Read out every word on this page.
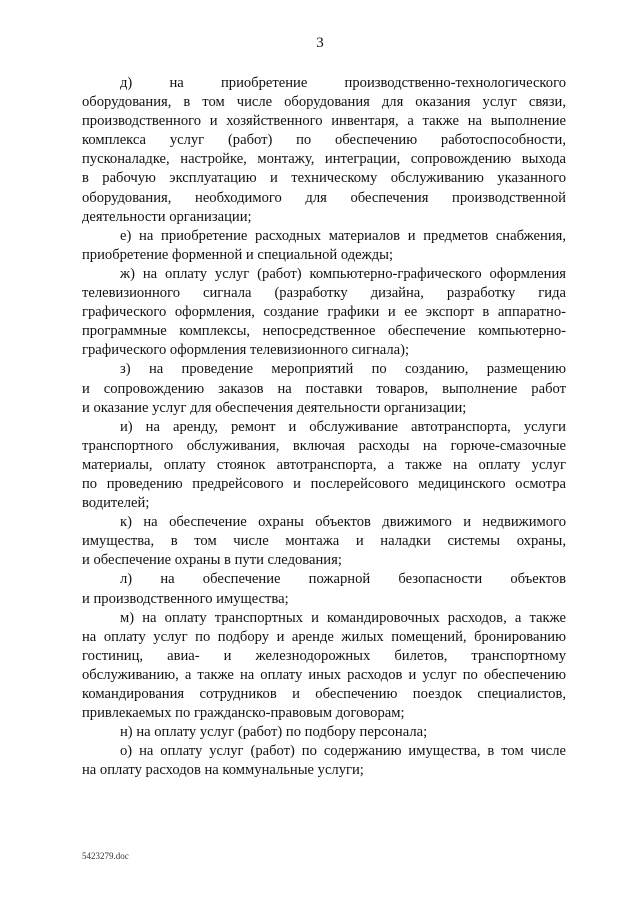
3
д) на приобретение производственно-технологического
оборудования, в том числе оборудования для оказания услуг связи,
производственного и хозяйственного инвентаря, а также на выполнение
комплекса услуг (работ) по обеспечению работоспособности,
пусконаладке, настройке, монтажу, интеграции, сопровождению выхода
в рабочую эксплуатацию и техническому обслуживанию указанного
оборудования, необходимого для обеспечения производственной
деятельности организации;
е) на приобретение расходных материалов и предметов снабжения,
приобретение форменной и специальной одежды;
ж) на оплату услуг (работ) компьютерно-графического оформления
телевизионного сигнала (разработку дизайна, разработку гида
графического оформления, создание графики и ее экспорт в аппаратно-
программные комплексы, непосредственное обеспечение компьютерно-
графического оформления телевизионного сигнала);
з) на проведение мероприятий по созданию, размещению
и сопровождению заказов на поставки товаров, выполнение работ
и оказание услуг для обеспечения деятельности организации;
и) на аренду, ремонт и обслуживание автотранспорта, услуги
транспортного обслуживания, включая расходы на горюче-смазочные
материалы, оплату стоянок автотранспорта, а также на оплату услуг
по проведению предрейсового и послерейсового медицинского осмотра
водителей;
к) на обеспечение охраны объектов движимого и недвижимого
имущества, в том числе монтажа и наладки системы охраны,
и обеспечение охраны в пути следования;
л) на обеспечение пожарной безопасности объектов
и производственного имущества;
м) на оплату транспортных и командировочных расходов, а также
на оплату услуг по подбору и аренде жилых помещений, бронированию
гостиниц, авиа- и железнодорожных билетов, транспортному
обслуживанию, а также на оплату иных расходов и услуг по обеспечению
командирования сотрудников и обеспечению поездок специалистов,
привлекаемых по гражданско-правовым договорам;
н) на оплату услуг (работ) по подбору персонала;
о) на оплату услуг (работ) по содержанию имущества, в том числе
на оплату расходов на коммунальные услуги;
5423279.doc
